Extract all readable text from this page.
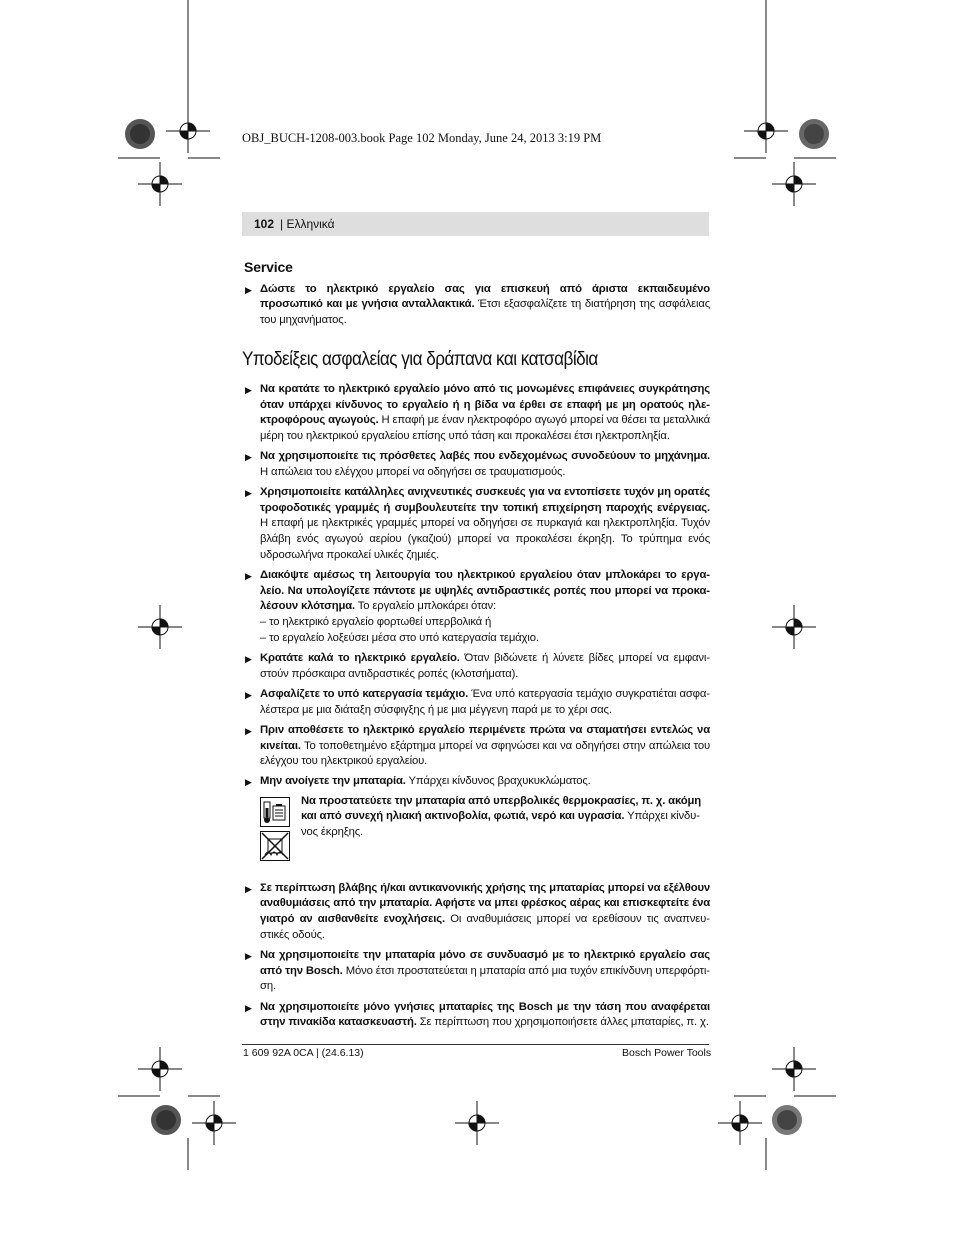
OBJ_BUCH-1208-003.book Page 102 Monday, June 24, 2013 3:19 PM
102 | Ελληνικά
Service
▶ Δώστε το ηλεκτρικό εργαλείο σας για επισκευή από άριστα εκπαιδευμένο προσωπικό και με γνήσια ανταλλακτικά. Έτσι εξασφαλίζετε τη διατήρηση της ασφάλειας του μηχανήματος.

Υποδείξεις ασφαλείας για δράπανα και κατσαβίδια
▶ Να κρατάτε το ηλεκτρικό εργαλείο μόνο από τις μονωμένες επιφάνειες συγκράτησης όταν υπάρχει κίνδυνος το εργαλείο ή η βίδα να έρθει σε επαφή με μη ορατούς ηλεκτροφόρους αγωγούς. Η επαφή με έναν ηλεκτροφόρο αγωγό μπορεί να θέσει τα μεταλλικά μέρη του ηλεκτρικού εργαλείου επίσης υπό τάση και προκαλέσει έτσι ηλεκτροπληξία.

▶ Να χρησιμοποιείτε τις πρόσθετες λαβές που ενδεχομένως συνοδεύουν το μηχάνημα. Η απώλεια του ελέγχου μπορεί να οδηγήσει σε τραυματισμούς.

▶ Χρησιμοποιείτε κατάλληλες ανιχνευτικές συσκευές για να εντοπίσετε τυχόν μη ορατές τροφοδοτικές γραμμές ή συμβουλευτείτε την τοπική επιχείρηση παροχής ενέργειας. Η επαφή με ηλεκτρικές γραμμές μπορεί να οδηγήσει σε πυρκαγιά και ηλεκτροπληξία. Τυχόν βλάβη ενός αγωγού αερίου (γκαζιού) μπορεί να προκαλέσει έκρηξη. Το τρύπημα ενός υδροσωλήνα προκαλεί υλικές ζημιές.

▶ Διακόψτε αμέσως τη λειτουργία του ηλεκτρικού εργαλείου όταν μπλοκάρει το εργαλείο. Να υπολογίζετε πάντοτε με υψηλές αντιδραστικές ροπές που μπορεί να προκαλέσουν κλότσημα. Το εργαλείο μπλοκάρει όταν:

– το ηλεκτρικό εργαλείο φορτωθεί υπερβολικά ή

– το εργαλείο λοξεύσει μέσα στο υπό κατεργασία τεμάχιο.

▶ Κρατάτε καλά το ηλεκτρικό εργαλείο. Όταν βιδώνετε ή λύνετε βίδες μπορεί να εμφανιστούν πρόσκαιρα αντιδραστικές ροπές (κλοτσήματα).

▶ Ασφαλίζετε το υπό κατεργασία τεμάχιο. Ένα υπό κατεργασία τεμάχιο συγκρατιέται ασφαλέστερα με μια διάταξη σύσφιγξης ή με μια μέγγενη παρά με το χέρι σας.

▶ Πριν αποθέσετε το ηλεκτρικό εργαλείο περιμένετε πρώτα να σταματήσει εντελώς να κινείται. Το τοποθετημένο εξάρτημα μπορεί να σφηνώσει και να οδηγήσει στην απώλεια του ελέγχου του ηλεκτρικού εργαλείου.

▶ Μην ανοίγετε την μπαταρία. Υπάρχει κίνδυνος βραχυκυκλώματος.

Να προστατεύετε την μπαταρία από υπερβολικές θερμοκρασίες, π. χ. ακόμη και από συνεχή ηλιακή ακτινοβολία, φωτιά, νερό και υγρασία. Υπάρχει κίνδυνος έκρηξης.

▶ Σε περίπτωση βλάβης ή/και αντικανονικής χρήσης της μπαταρίας μπορεί να εξέλθουν αναθυμιάσεις από την μπαταρία. Αφήστε να μπει φρέσκος αέρας και επισκεφτείτε ένα γιατρό αν αισθανθείτε ενοχλήσεις. Οι αναθυμιάσεις μπορεί να ερεθίσουν τις αναπνευστικές οδούς.

▶ Να χρησιμοποιείτε την μπαταρία μόνο σε συνδυασμό με το ηλεκτρικό εργαλείο σας από την Bosch. Μόνο έτσι προστατεύεται η μπαταρία από μια τυχόν επικίνδυνη υπερφόρτιση.

▶ Να χρησιμοποιείτε μόνο γνήσιες μπαταρίες της Bosch με την τάση που αναφέρεται στην πινακίδα κατασκευαστή. Σε περίπτωση που χρησιμοποιήσετε άλλες μπαταρίες, π. χ.

1 609 92A 0CA | (24.6.13)	Bosch Power Tools
